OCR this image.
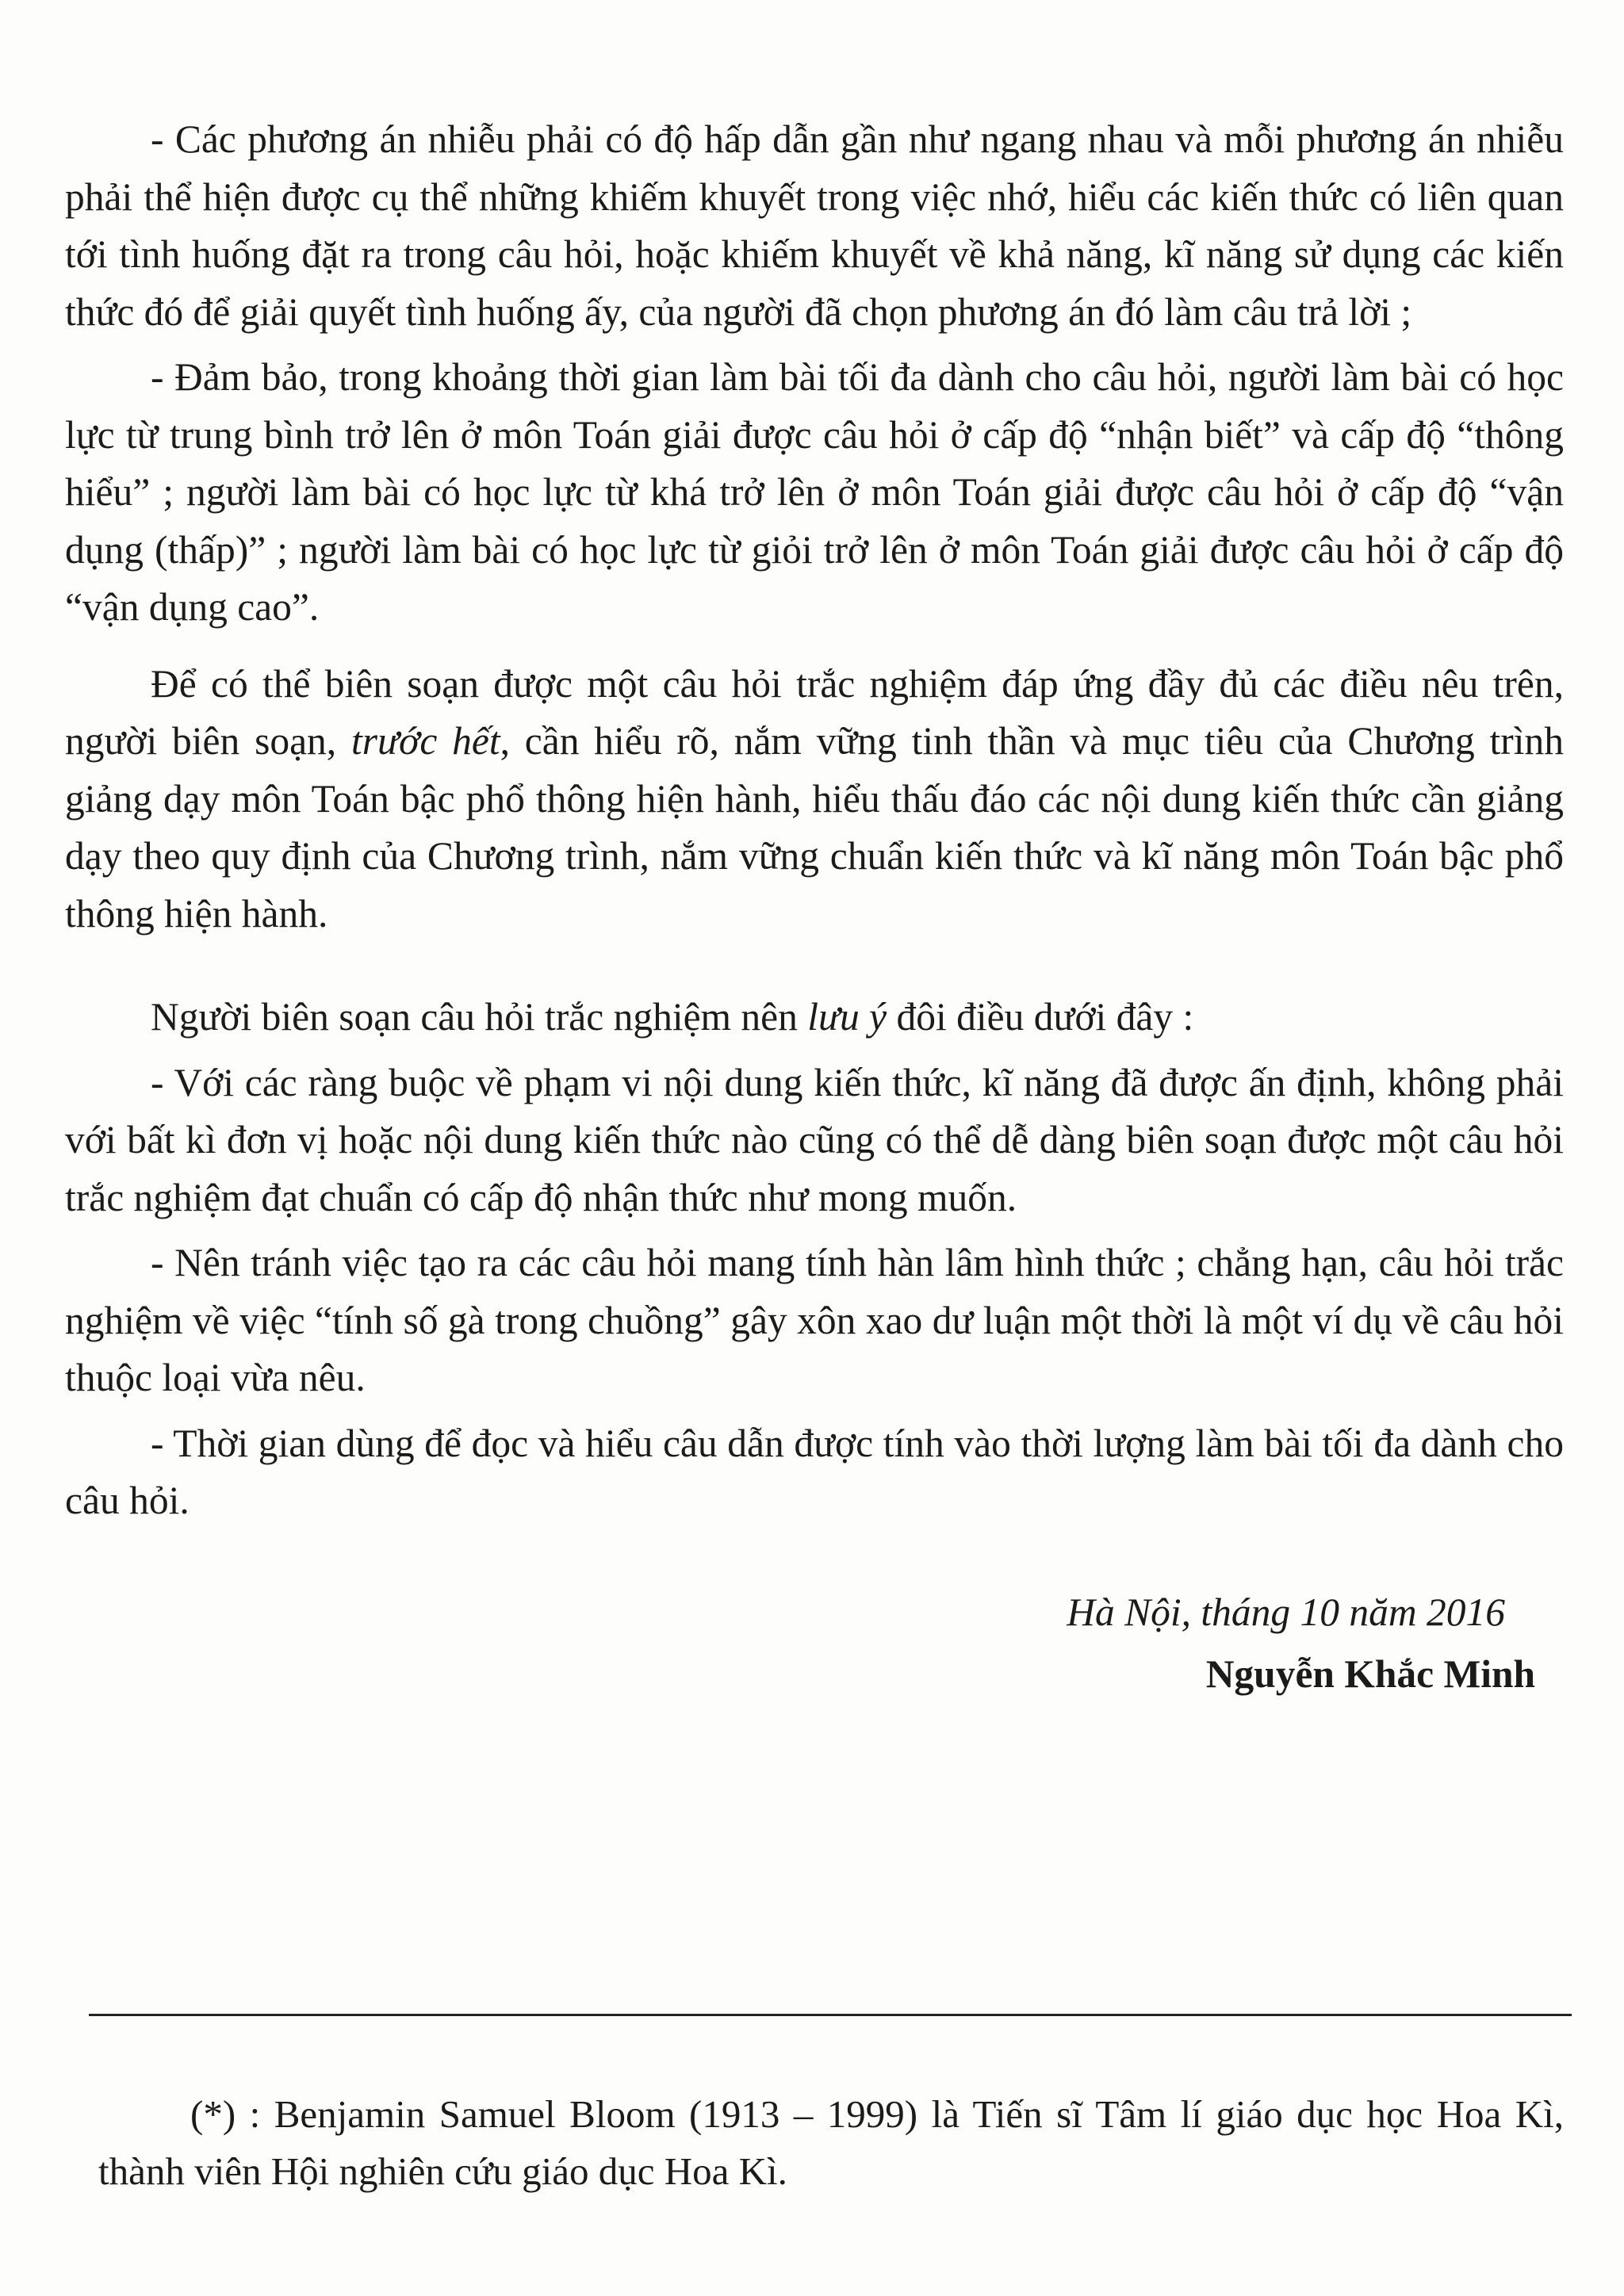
- Các phương án nhiễu phải có độ hấp dẫn gần như ngang nhau và mỗi phương án nhiễu phải thể hiện được cụ thể những khiếm khuyết trong việc nhớ, hiểu các kiến thức có liên quan tới tình huống đặt ra trong câu hỏi, hoặc khiếm khuyết về khả năng, kĩ năng sử dụng các kiến thức đó để giải quyết tình huống ấy, của người đã chọn phương án đó làm câu trả lời ;

- Đảm bảo, trong khoảng thời gian làm bài tối đa dành cho câu hỏi, người làm bài có học lực từ trung bình trở lên ở môn Toán giải được câu hỏi ở cấp độ “nhận biết” và cấp độ “thông hiểu” ; người làm bài có học lực từ khá trở lên ở môn Toán giải được câu hỏi ở cấp độ “vận dụng (thấp)” ; người làm bài có học lực từ giỏi trở lên ở môn Toán giải được câu hỏi ở cấp độ “vận dụng cao”.

Để có thể biên soạn được một câu hỏi trắc nghiệm đáp ứng đầy đủ các điều nêu trên, người biên soạn, trước hết, cần hiểu rõ, nắm vững tinh thần và mục tiêu của Chương trình giảng dạy môn Toán bậc phổ thông hiện hành, hiểu thấu đáo các nội dung kiến thức cần giảng dạy theo quy định của Chương trình, nắm vững chuẩn kiến thức và kĩ năng môn Toán bậc phổ thông hiện hành.

Người biên soạn câu hỏi trắc nghiệm nên lưu ý đôi điều dưới đây :

- Với các ràng buộc về phạm vi nội dung kiến thức, kĩ năng đã được ấn định, không phải với bất kì đơn vị hoặc nội dung kiến thức nào cũng có thể dễ dàng biên soạn được một câu hỏi trắc nghiệm đạt chuẩn có cấp độ nhận thức như mong muốn.

- Nên tránh việc tạo ra các câu hỏi mang tính hàn lâm hình thức ; chẳng hạn, câu hỏi trắc nghiệm về việc “tính số gà trong chuồng” gây xôn xao dư luận một thời là một ví dụ về câu hỏi thuộc loại vừa nêu.

- Thời gian dùng để đọc và hiểu câu dẫn được tính vào thời lượng làm bài tối đa dành cho câu hỏi.

Hà Nội, tháng 10 năm 2016
Nguyễn Khắc Minh

(*) : Benjamin Samuel Bloom (1913 – 1999) là Tiến sĩ Tâm lí giáo dục học Hoa Kì, thành viên Hội nghiên cứu giáo dục Hoa Kì.
